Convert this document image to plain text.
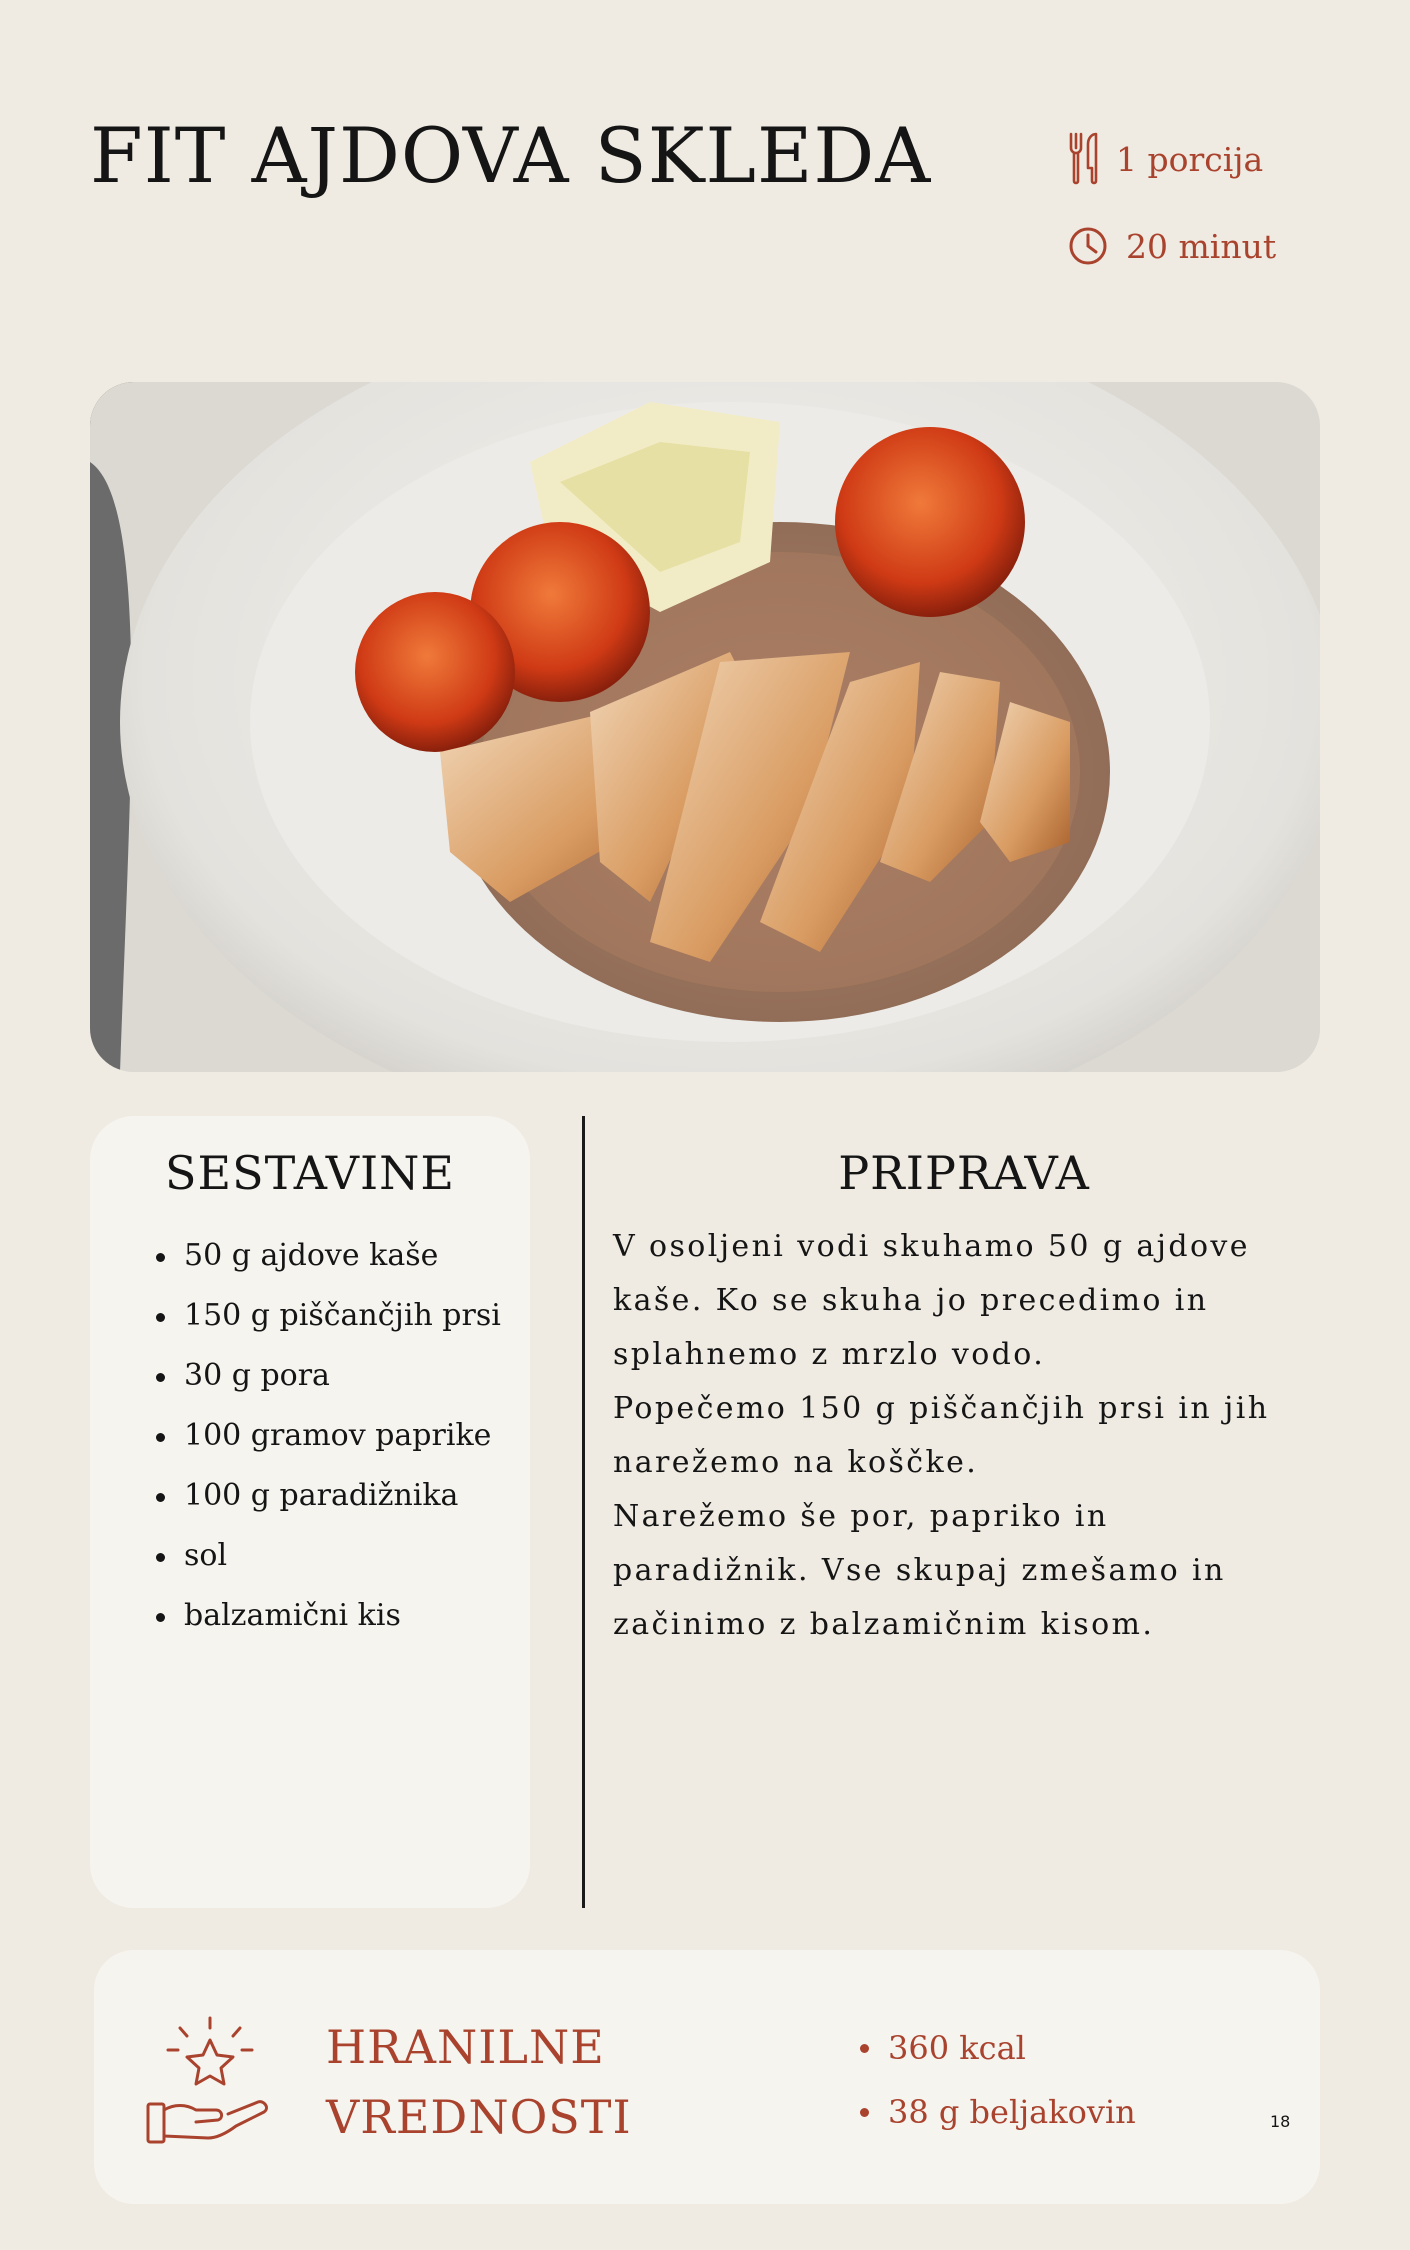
FIT AJDOVA SKLEDA	1 porcija
20 minut
SESTAVINE
50 g ajdove kaše
150 g piščančjih prsi
30 g pora
100 gramov paprike
100 g paradižnika
sol
balzamični kis
PRIPRAVA

V osoljeni vodi skuhamo 50 g ajdove kaše. Ko se skuha jo precedimo in splahnemo z mrzlo vodo.

Popečemo 150 g piščančjih prsi in jih narežemo na koščke.

Narežemo še por, papriko in paradižnik. Vse skupaj zmešamo in začinimo z balzamičnim kisom.

HRANILNE
VREDNOSTI
360 kcal
38 g beljakovin	18
